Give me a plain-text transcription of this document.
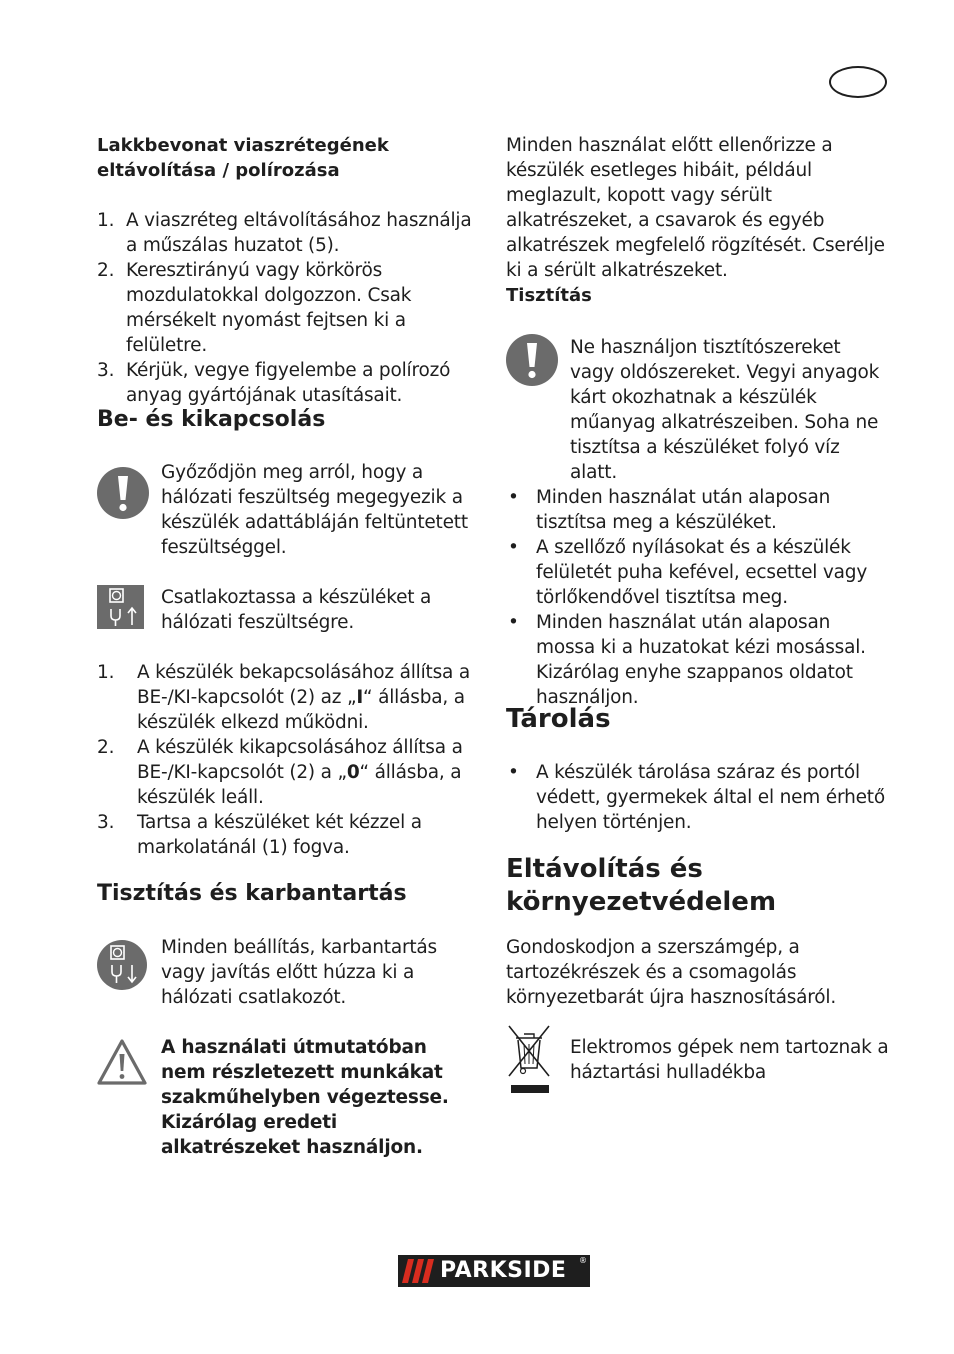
Lakkbevonat viaszrétegének eltávolítása / polírozása
1. A viaszréteg eltávolításához használja a műszálas huzatot (5).
2. Keresztirányú vagy körkörös mozdulatokkal dolgozzon. Csak mérsékelt nyomást fejtsen ki a felületre.
3. Kérjük, vegye figyelembe a polírozó anyag gyártójának utasításait.
Be- és kikapcsolás
Győződjön meg arról, hogy a hálózati feszültség megegyezik a készülék adattábláján feltüntetett feszültséggel.
Csatlakoztassa a készüléket a hálózati feszültségre.
1. A készülék bekapcsolásához állítsa a BE-/KI-kapcsolót (2) az „I“ állásba, a készülék elkezd működni.
2. A készülék kikapcsolásához állítsa a BE-/KI-kapcsolót (2) a „0“ állásba, a készülék leáll.
3. Tartsa a készüléket két kézzel a markolatánál (1) fogva.
Tisztítás és karbantartás
Minden beállítás, karbantartás vagy javítás előtt húzza ki a hálózati csatlakozót.
A használati útmutatóban nem részletezett munkákat szakműhelyben végeztesse. Kizárólag eredeti alkatrészeket használjon.
Minden használat előtt ellenőrizze a készülék esetleges hibáit, például meglazult, kopott vagy sérült alkatrészeket, a csavarok és egyéb alkatrészek megfelelő rögzítését. Cserélje ki a sérült alkatrészeket.
Tisztítás
Ne használjon tisztítószereket vagy oldószereket. Vegyi anyagok kárt okozhatnak a készülék műanyag alkatrészeiben. Soha ne tisztítsa a készüléket folyó víz alatt.
• Minden használat után alaposan tisztítsa meg a készüléket.
• A szellőző nyílásokat és a készülék felületét puha kefével, ecsettel vagy törlőkendővel tisztítsa meg.
• Minden használat után alaposan mossa ki a huzatokat kézi mosással. Kizárólag enyhe szappanos oldatot használjon.
Tárolás
• A készülék tárolása száraz és portól védett, gyermekek által el nem érhető helyen történjen.
Eltávolítás és környezetvédelem
Gondoskodjon a szerszámgép, a tartozékrészek és a csomagolás környezetbarát újra hasznosításáról.
Elektromos gépek nem tartoznak a háztartási hulladékba
PARKSIDE ®
